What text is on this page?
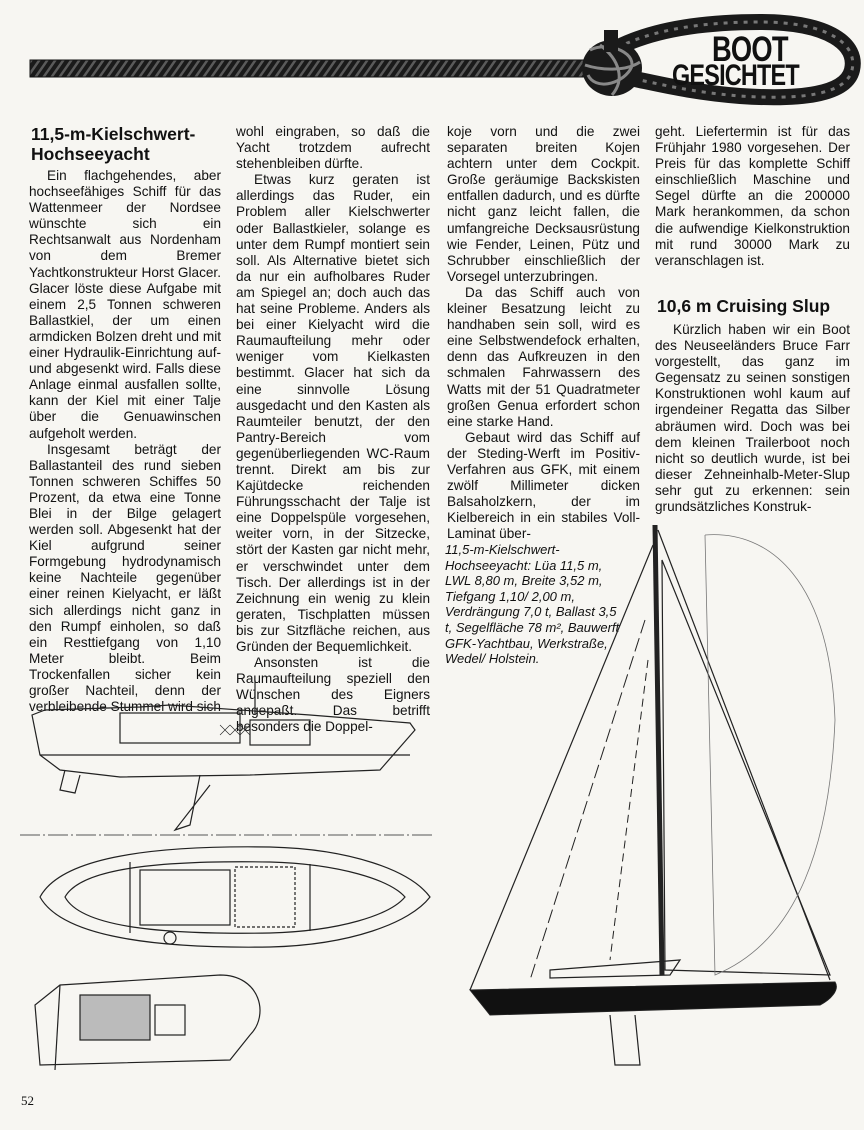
BOOT
GESICHTET
11,5-m-Kielschwert-Hochseeyacht

Ein flachgehendes, aber hochseefähiges Schiff für das Wattenmeer der Nordsee wünschte sich ein Rechtsanwalt aus Nordenham von dem Bremer Yachtkonstrukteur Horst Glacer. Glacer löste diese Aufgabe mit einem 2,5 Tonnen schweren Ballastkiel, der um einen armdicken Bolzen dreht und mit einer Hydraulik-Einrichtung auf- und abgesenkt wird. Falls diese Anlage einmal ausfallen sollte, kann der Kiel mit einer Talje über die Genuawinschen aufgeholt werden.

Insgesamt beträgt der Ballastanteil des rund sieben Tonnen schweren Schiffes 50 Prozent, da etwa eine Tonne Blei in der Bilge gelagert werden soll. Abgesenkt hat der Kiel aufgrund seiner Formgebung hydrodynamisch keine Nachteile gegenüber einer reinen Kielyacht, er läßt sich allerdings nicht ganz in den Rumpf einholen, so daß ein Resttiefgang von 1,10 Meter bleibt. Beim Trockenfallen sicher kein großer Nachteil, denn der verbleibende Stummel wird sich

wohl eingraben, so daß die Yacht trotzdem aufrecht stehenbleiben dürfte.

Etwas kurz geraten ist allerdings das Ruder, ein Problem aller Kielschwerter oder Ballastkieler, solange es unter dem Rumpf montiert sein soll. Als Alternative bietet sich da nur ein aufholbares Ruder am Spiegel an; doch auch das hat seine Probleme. Anders als bei einer Kielyacht wird die Raumaufteilung mehr oder weniger vom Kielkasten bestimmt. Glacer hat sich da eine sinnvolle Lösung ausgedacht und den Kasten als Raumteiler benutzt, der den Pantry-Bereich vom gegenüberliegenden WC-Raum trennt. Direkt am bis zur Kajütdecke reichenden Führungsschacht der Talje ist eine Doppelspüle vorgesehen, weiter vorn, in der Sitzecke, stört der Kasten gar nicht mehr, er verschwindet unter dem Tisch. Der allerdings ist in der Zeichnung ein wenig zu klein geraten, Tischplatten müssen bis zur Sitzfläche reichen, aus Gründen der Bequemlichkeit.

Ansonsten ist die Raumaufteilung speziell den Wünschen des Eigners angepaßt. Das betrifft besonders die Doppel-

koje vorn und die zwei separaten breiten Kojen achtern unter dem Cockpit. Große geräumige Backskisten entfallen dadurch, und es dürfte nicht ganz leicht fallen, die umfangreiche Decksausrüstung wie Fender, Leinen, Pütz und Schrubber einschließlich der Vorsegel unterzubringen.

Da das Schiff auch von kleiner Besatzung leicht zu handhaben sein soll, wird es eine Selbstwendefock erhalten, denn das Aufkreuzen in den schmalen Fahrwassern des Watts mit der 51 Quadratmeter großen Genua erfordert schon eine starke Hand.

Gebaut wird das Schiff auf der Steding-Werft im Positiv-Verfahren aus GFK, mit einem zwölf Millimeter dicken Balsaholzkern, der im Kielbereich in ein stabiles Voll-Laminat über-

geht. Liefertermin ist für das Frühjahr 1980 vorgesehen. Der Preis für das komplette Schiff einschließlich Maschine und Segel dürfte an die 200000 Mark herankommen, da schon die aufwendige Kielkonstruktion mit rund 30000 Mark zu veranschlagen ist.

10,6 m Cruising Slup

Kürzlich haben wir ein Boot des Neuseeländers Bruce Farr vorgestellt, das ganz im Gegensatz zu seinen sonstigen Konstruktionen wohl kaum auf irgendeiner Regatta das Silber abräumen wird. Doch was bei dem kleinen Trailerboot noch nicht so deutlich wurde, ist bei dieser Zehneinhalb-Meter-Slup sehr gut zu erkennen: sein grundsätzliches Konstruk-

11,5-m-Kielschwert-Hochseeyacht: Lüa 11,5 m, LWL 8,80 m, Breite 3,52 m, Tiefgang 1,10/ 2,00 m, Verdrängung 7,0 t, Ballast 3,5 t, Segelfläche 78 m², Bauwerft GFK-Yachtbau, Werkstraße, Wedel/ Holstein.
52
